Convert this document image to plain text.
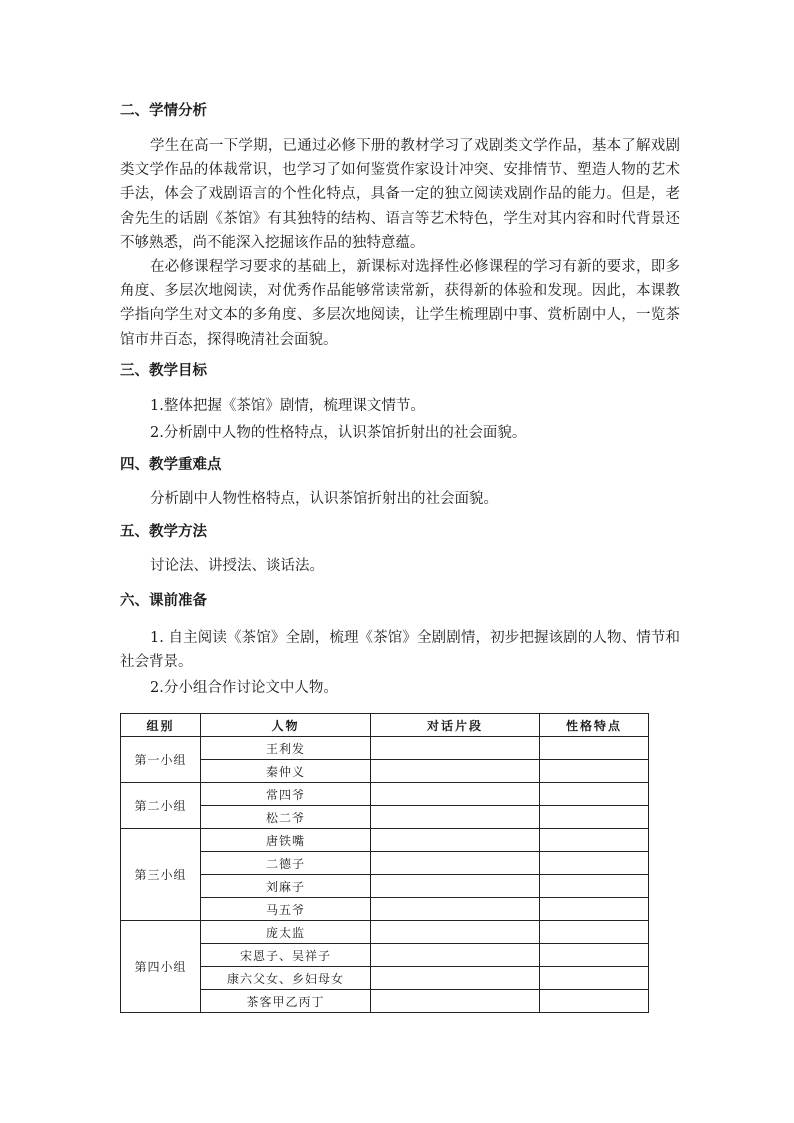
二、学情分析

学生在高一下学期，已通过必修下册的教材学习了戏剧类文学作品，基本了解戏剧类文学作品的体裁常识，也学习了如何鉴赏作家设计冲突、安排情节、塑造人物的艺术手法，体会了戏剧语言的个性化特点，具备一定的独立阅读戏剧作品的能力。但是，老舍先生的话剧《茶馆》有其独特的结构、语言等艺术特色，学生对其内容和时代背景还不够熟悉，尚不能深入挖掘该作品的独特意蕴。

在必修课程学习要求的基础上，新课标对选择性必修课程的学习有新的要求，即多角度、多层次地阅读，对优秀作品能够常读常新，获得新的体验和发现。因此，本课教学指向学生对文本的多角度、多层次地阅读，让学生梳理剧中事、赏析剧中人，一览茶馆市井百态，探得晚清社会面貌。

三、教学目标
1.整体把握《茶馆》剧情，梳理课文情节。
2.分析剧中人物的性格特点，认识茶馆折射出的社会面貌。
四、教学重难点
分析剧中人物性格特点，认识茶馆折射出的社会面貌。
五、教学方法
讨论法、讲授法、谈话法。
六、课前准备

1. 自主阅读《茶馆》全剧，梳理《茶馆》全剧剧情，初步把握该剧的人物、情节和社会背景。

2.分小组合作讨论文中人物。
组别	人物	对话片段	性格特点
第一小组	王利发		
	秦仲义		
第二小组	常四爷		
	松二爷		
第三小组	唐铁嘴		
	二德子		
	刘麻子		
	马五爷		
第四小组	庞太监		
	宋恩子、吴祥子		
	康六父女、乡妇母女		
	茶客甲乙丙丁		
